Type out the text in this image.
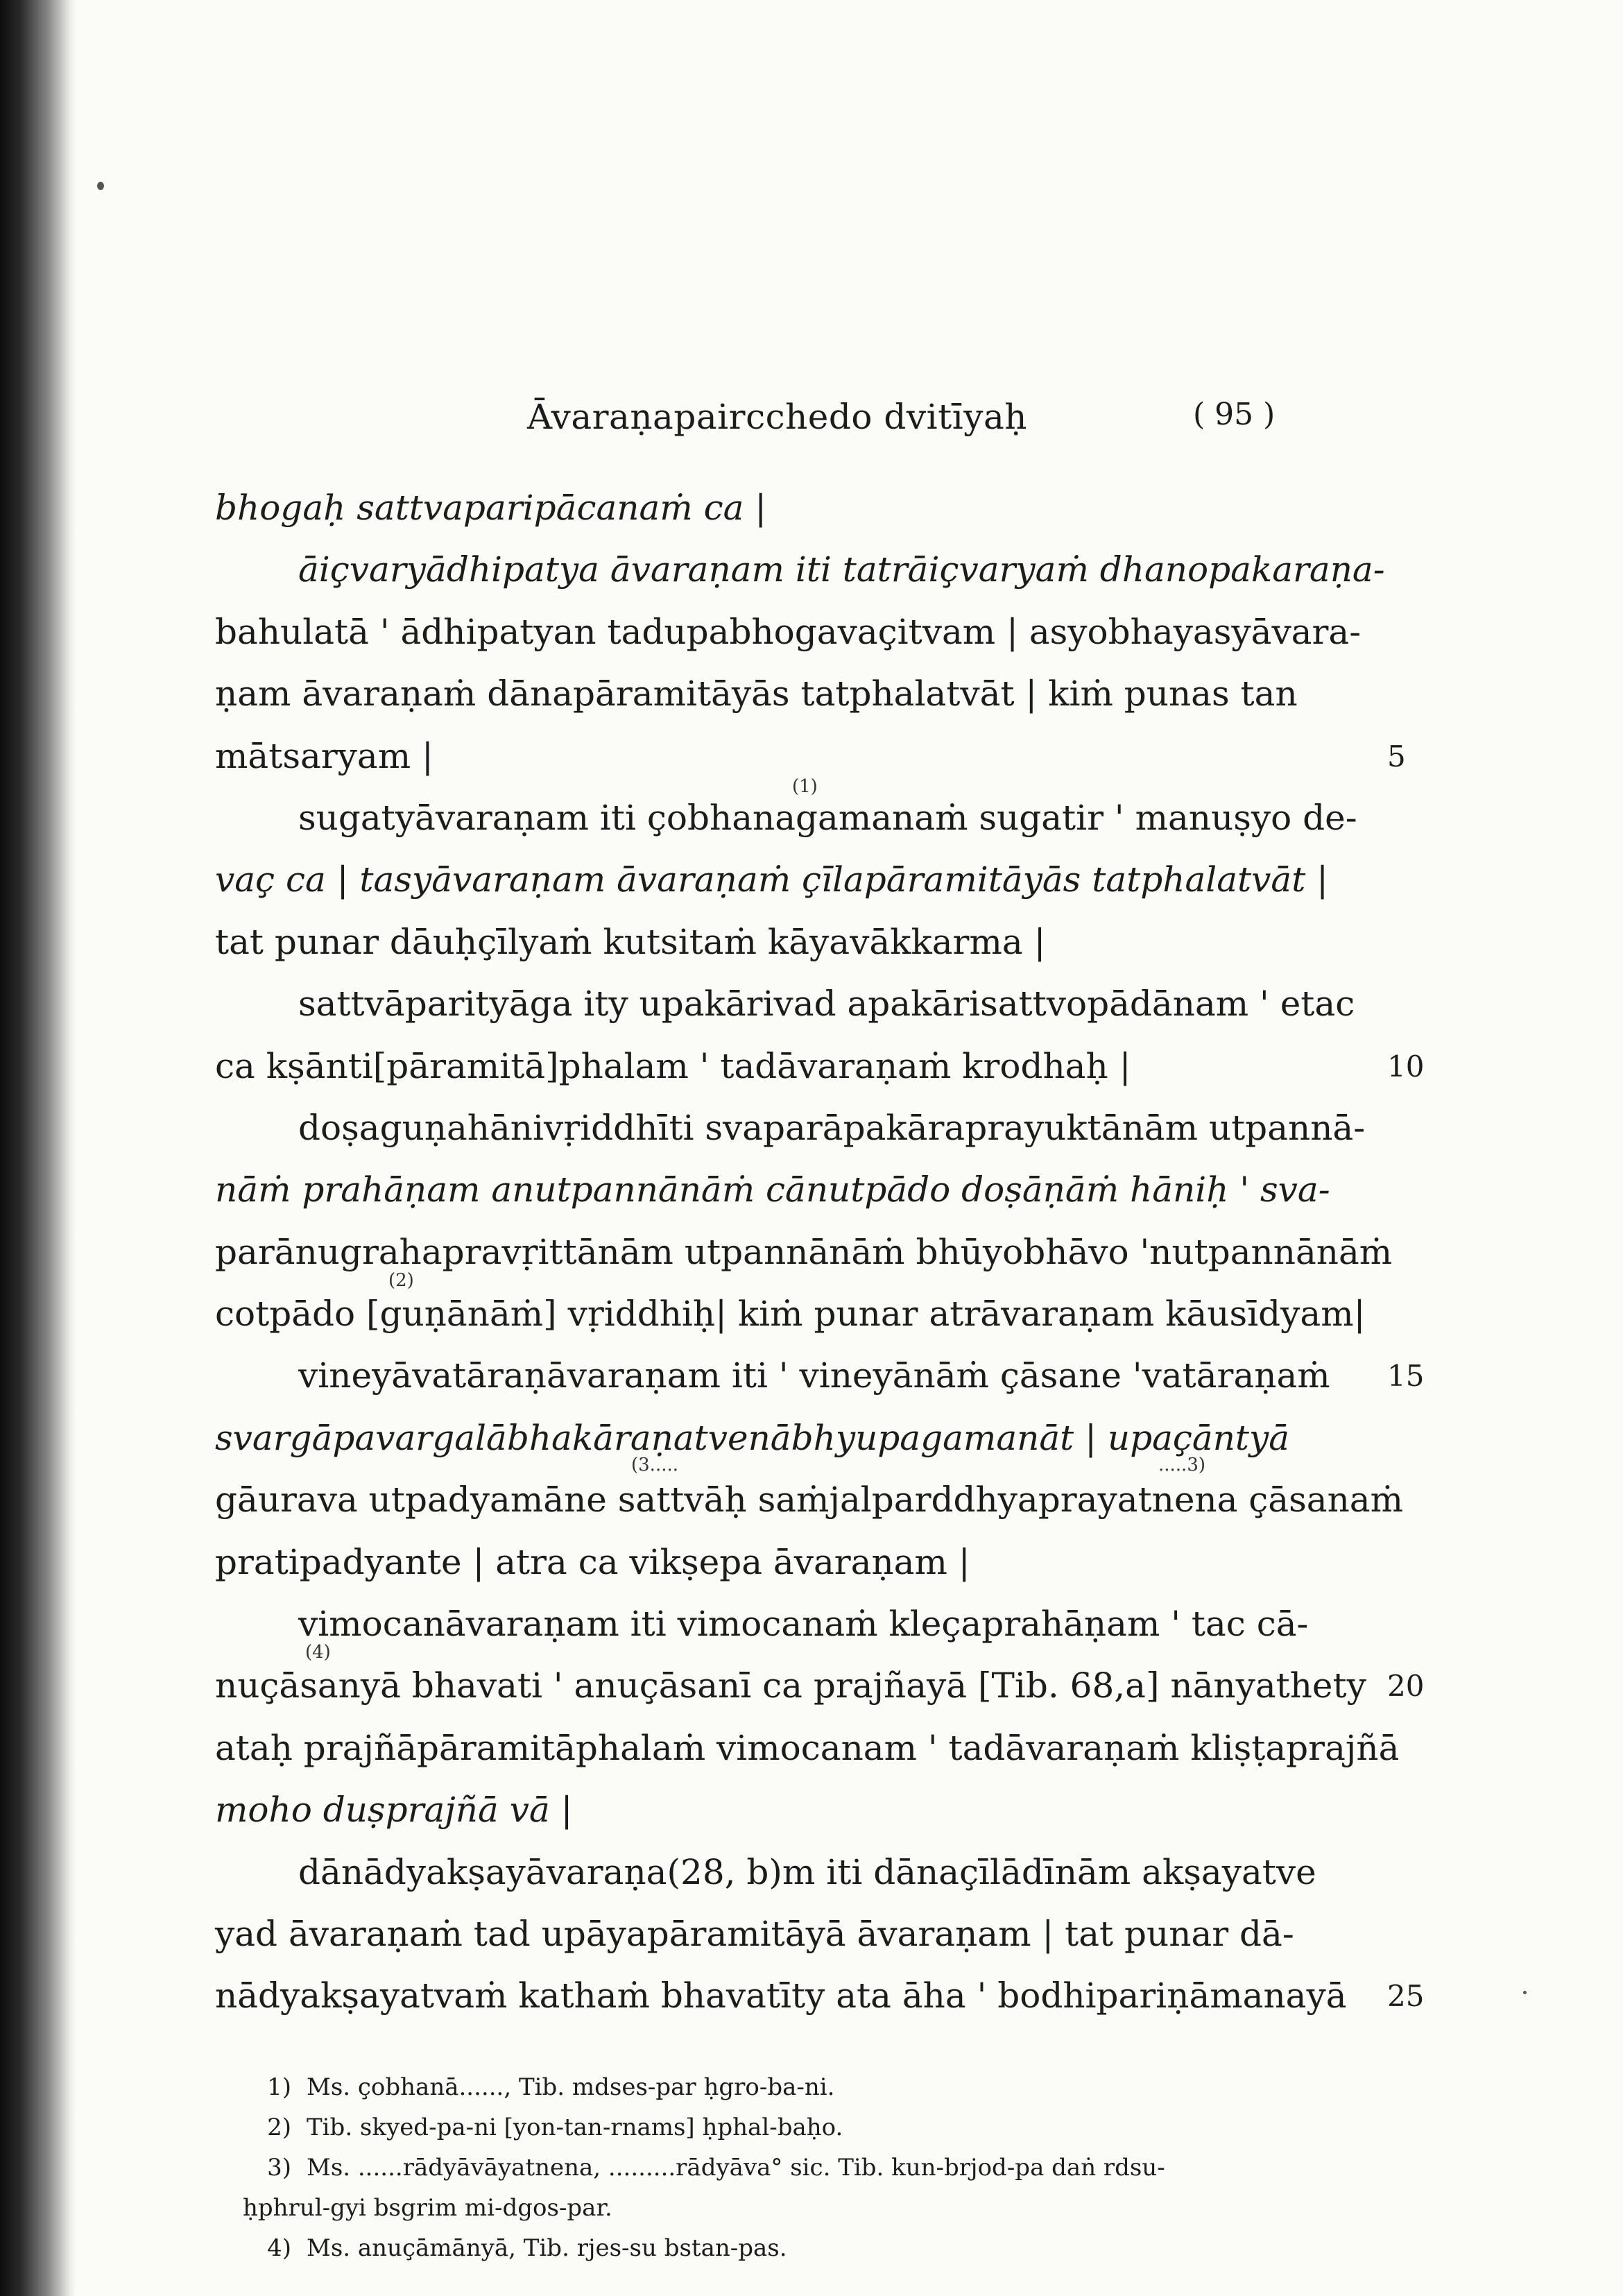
Āvaraṇapaircchedo dvitīyaḥ	( 95 )
bhogaḥ sattvaparipācanaṁ ca |
āiçvaryādhipatya āvaraṇam iti tatrāiçvaryaṁ dhanopakaraṇa-
bahulatā ' ādhipatyan tadupabhogavaçitvam | asyobhayasyāvara-
ṇam āvaraṇaṁ dānapāramitāyās tatphalatvāt | kiṁ punas tan
mātsaryam |	5
sugatyāvaraṇam iti çobhanagamanaṁ sugatir ' manuṣyo de-
(1)
vaç ca | tasyāvaraṇam āvaraṇaṁ çīlapāramitāyās tatphalatvāt |
tat punar dāuḥçīlyaṁ kutsitaṁ kāyavākkarma |
sattvāparityāga ity upakārivad apakārisattvopādānam ' etac
ca kṣānti[pāramitā]phalam ' tadāvaraṇaṁ krodhaḥ |	10
doṣaguṇahānivṛiddhīti svaparāpakāraprayuktānām utpannā-
nāṁ prahāṇam anutpannānāṁ cānutpādo doṣāṇāṁ hāniḥ ' sva-
parānugrahapravṛittānām utpannānāṁ bhūyobhāvo 'nutpannānāṁ
(2)
cotpādo [guṇānāṁ] vṛiddhiḥ| kiṁ punar atrāvaraṇam kāusīdyam|
vineyāvatāraṇāvaraṇam iti ' vineyānāṁ çāsane 'vatāraṇaṁ 15
svargāpavargalābhakāraṇatvenābhyupagamanāt | upaçāntyā
(3.....	.....3)
gāurava utpadyamāne sattvāḥ saṁjalparddhyaprayatnena çāsanaṁ
pratipadyante | atra ca vikṣepa āvaraṇam |
vimocanāvaraṇam iti vimocanaṁ kleçaprahāṇam ' tac cā-
(4)
nuçāsanyā bhavati ' anuçāsanī ca prajñayā [Tib. 68,a] nānyathety 20
ataḥ prajñāpāramitāphalaṁ vimocanam ' tadāvaraṇaṁ kliṣṭaprajñā
moho duṣprajñā vā |
dānādyakṣayāvaraṇa(28, b)m iti dānaçīlādīnām akṣayatve
yad āvaraṇaṁ tad upāyapāramitāyā āvaraṇam | tat punar dā-
nādyakṣayatvaṁ kathaṁ bhavatīty ata āha ' bodhipariṇāmanayā 25
1) Ms. çobhanā......, Tib. mdses-par ḥgro-ba-ni.
2) Tib. skyed-pa-ni [yon-tan-rnams] ḥphal-baḥo.
3) Ms. ......rādyāvāyatnena, .........rādyāva° sic. Tib. kun-brjod-pa daṅ rdsu-
ḥphrul-gyi bsgrim mi-dgos-par.
4) Ms. anuçāmānyā, Tib. rjes-su bstan-pas.
